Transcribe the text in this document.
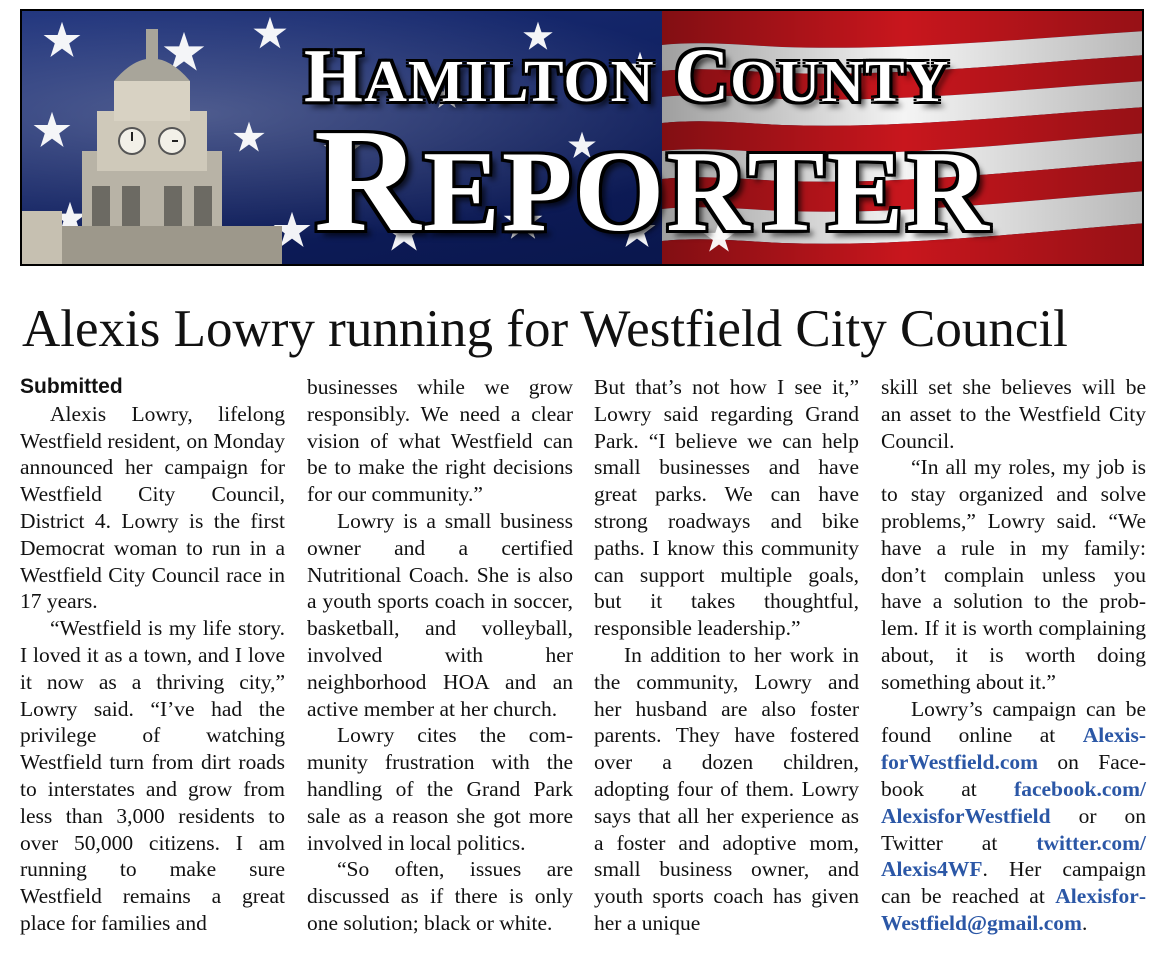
HAMILTON COUNTY
REPORTER
Alexis Lowry running for Westfield City Council
Submitted

Alexis Lowry, lifelong Westfield resident, on Monday announced her campaign for Westfield City Council, District 4. Lowry is the first Democrat woman to run in a Westfield City Council race in 17 years.

“Westfield is my life story. I loved it as a town, and I love it now as a thriving city,” Lowry said. “I’ve had the privilege of watching Westfield turn from dirt roads to interstates and grow from less than 3,000 residents to over 50,000 citizens. I am running to make sure Westfield remains a great place for families and

businesses while we grow responsibly. We need a clear vision of what Westfield can be to make the right decisions for our community.”

Lowry is a small business owner and a certified Nutritional Coach. She is also a youth sports coach in soccer, basketball, and volleyball, involved with her neighborhood HOA and an active member at her church.

Lowry cites the community frustration with the handling of the Grand Park sale as a reason she got more involved in local politics.

“So often, issues are discussed as if there is only one solution; black or white.

But that’s not how I see it,” Lowry said regarding Grand Park. “I believe we can help small businesses and have great parks. We can have strong roadways and bike paths. I know this community can support multiple goals, but it takes thoughtful, responsible leadership.”

In addition to her work in the community, Lowry and her husband are also foster parents. They have fostered over a dozen children, adopting four of them. Lowry says that all her experience as a foster and adoptive mom, small business owner, and youth sports coach has given her a unique

skill set she believes will be an asset to the Westfield City Council.

“In all my roles, my job is to stay organized and solve problems,” Lowry said. “We have a rule in my family: don’t complain unless you have a solution to the problem. If it is worth complaining about, it is worth doing something about it.”

Lowry’s campaign can be found online at AlexisforWestfield.com on Facebook at facebook.com/ AlexisforWestfield or on Twitter at twitter.com/ Alexis4WF. Her campaign can be reached at AlexisforWestfield@gmail.com.
